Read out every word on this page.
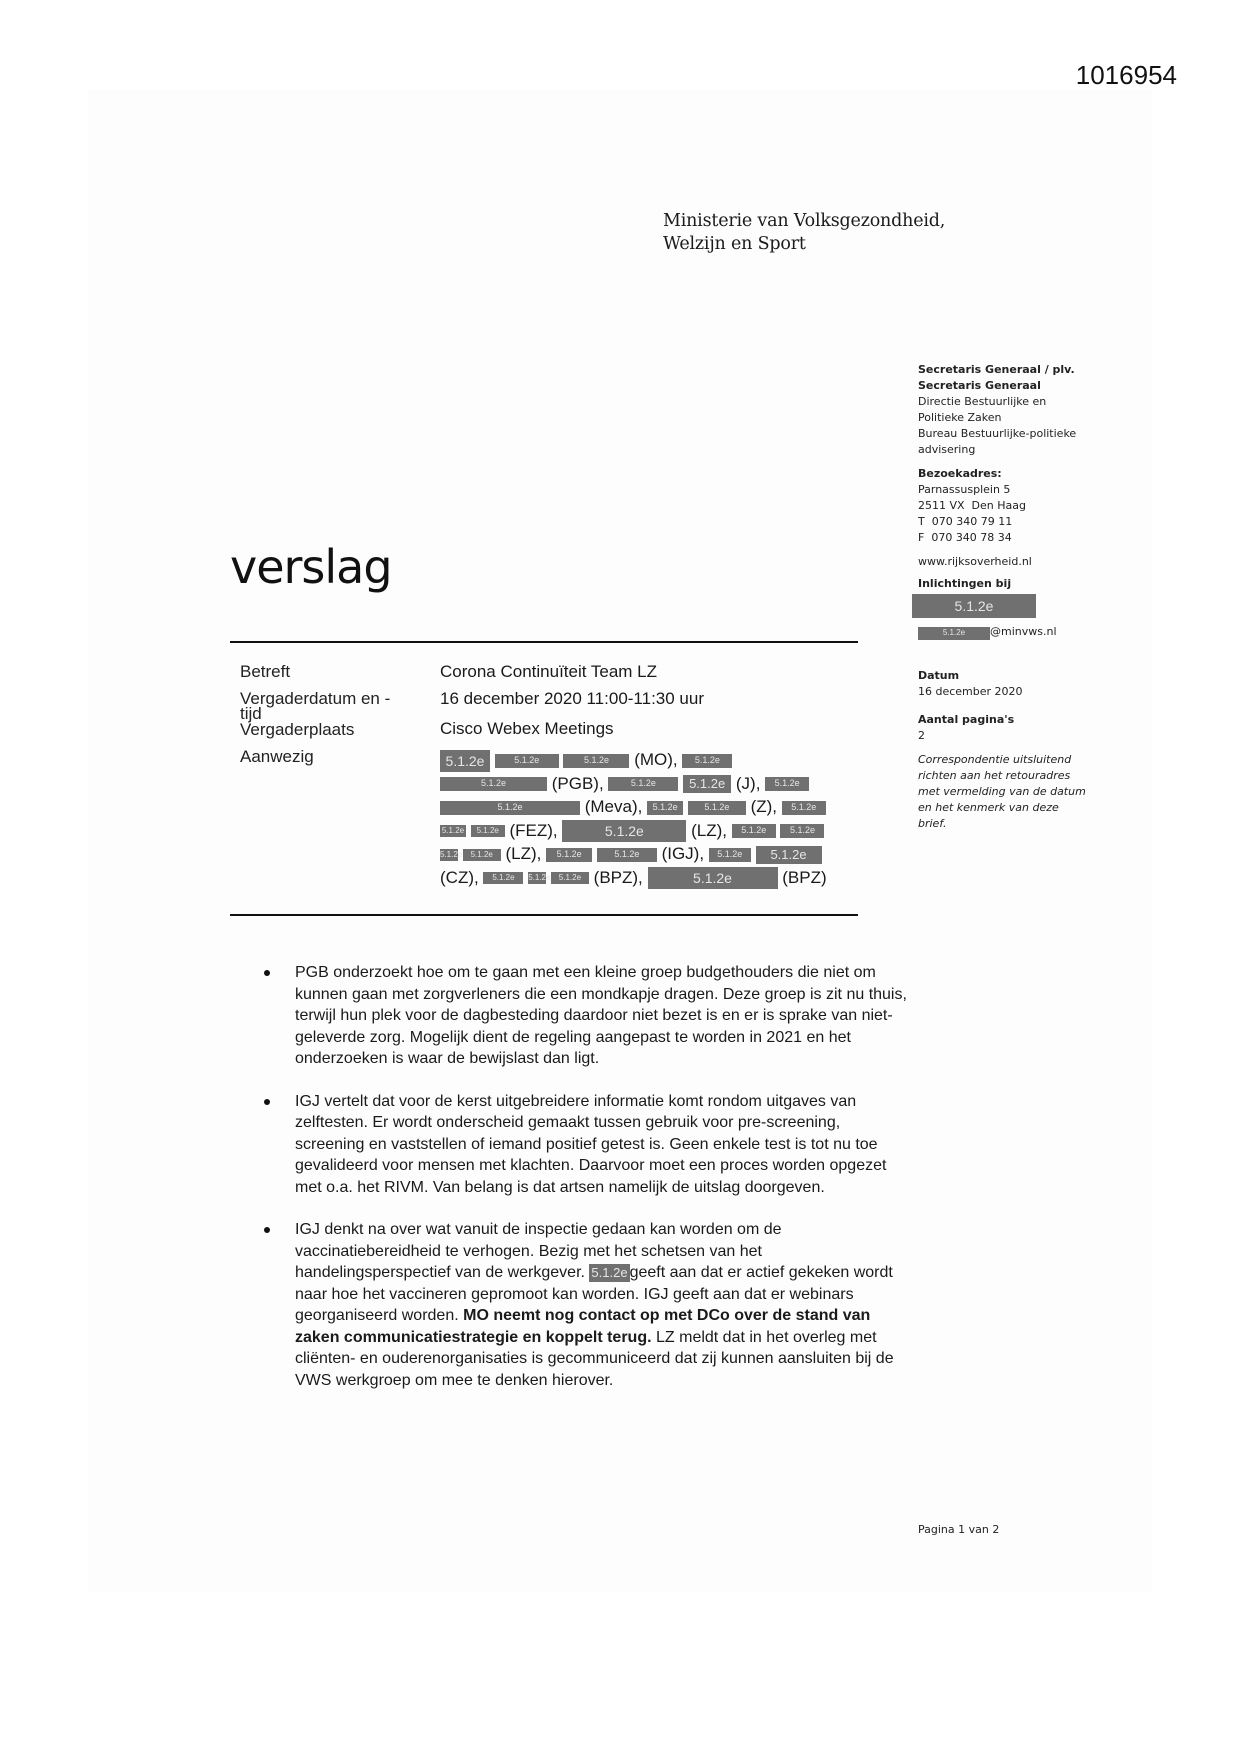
1016954
Ministerie van Volksgezondheid,
Welzijn en Sport
verslag
Betreft	Corona Continuïteit Team LZ
Vergaderdatum en -
tijd
16 december 2020 11:00-11:30 uur
Vergaderplaats	Cisco Webex Meetings
Aanwezig	5.1.2e	5.1.2e	5.1.2e (MO), 5.1.2e
5.1.2e	(PGB),	5.1.2e	5.1.2e (J), 5.1.2e
5.1.2e	(Meva), 5.1.2e	5.1.2e (Z), 5.1.2e
5.1.2e 5.1.2e (FEZ),	5.1.2e	(LZ), 5.1.2e	5.1.2e
5.1.2e 5.1.2e (LZ), 5.1.2e	5.1.2e (IGJ), 5.1.2e 5.1.2e
(CZ), 5.1.2e 5.1.2e 5.1.2e (BPZ),	5.1.2e	(BPZ)
Secretaris Generaal / plv.
Secretaris Generaal
Directie Bestuurlijke en
Politieke Zaken
Bureau Bestuurlijke-politieke
advisering
Bezoekadres:
Parnassusplein 5
2511 VX  Den Haag
T  070 340 79 11
F  070 340 78 34
www.rijksoverheid.nl
Inlichtingen bij
5.1.2e
5.1.2e @minvws.nl
Datum
16 december 2020
Aantal pagina's
2
Correspondentie uitsluitend
richten aan het retouradres
met vermelding van de datum
en het kenmerk van deze
brief.
PGB onderzoekt hoe om te gaan met een kleine groep budgethouders die niet om kunnen gaan met zorgverleners die een mondkapje dragen. Deze groep is zit nu thuis, terwijl hun plek voor de dagbesteding daardoor niet bezet is en er is sprake van niet-geleverde zorg. Mogelijk dient de regeling aangepast te worden in 2021 en het onderzoeken is waar de bewijslast dan ligt.
IGJ vertelt dat voor de kerst uitgebreidere informatie komt rondom uitgaves van zelftesten. Er wordt onderscheid gemaakt tussen gebruik voor pre-screening, screening en vaststellen of iemand positief getest is. Geen enkele test is tot nu toe gevalideerd voor mensen met klachten. Daarvoor moet een proces worden opgezet met o.a. het RIVM. Van belang is dat artsen namelijk de uitslag doorgeven.
IGJ denkt na over wat vanuit de inspectie gedaan kan worden om de vaccinatiebereidheid te verhogen. Bezig met het schetsen van het handelingsperspectief van de werkgever. 5.1.2e geeft aan dat er actief gekeken wordt naar hoe het vaccineren gepromoot kan worden. IGJ geeft aan dat er webinars georganiseerd worden. MO neemt nog contact op met DCo over de stand van zaken communicatiestrategie en koppelt terug. LZ meldt dat in het overleg met cliënten- en ouderenorganisaties is gecommuniceerd dat zij kunnen aansluiten bij de VWS werkgroep om mee te denken hierover.
Pagina 1 van 2
